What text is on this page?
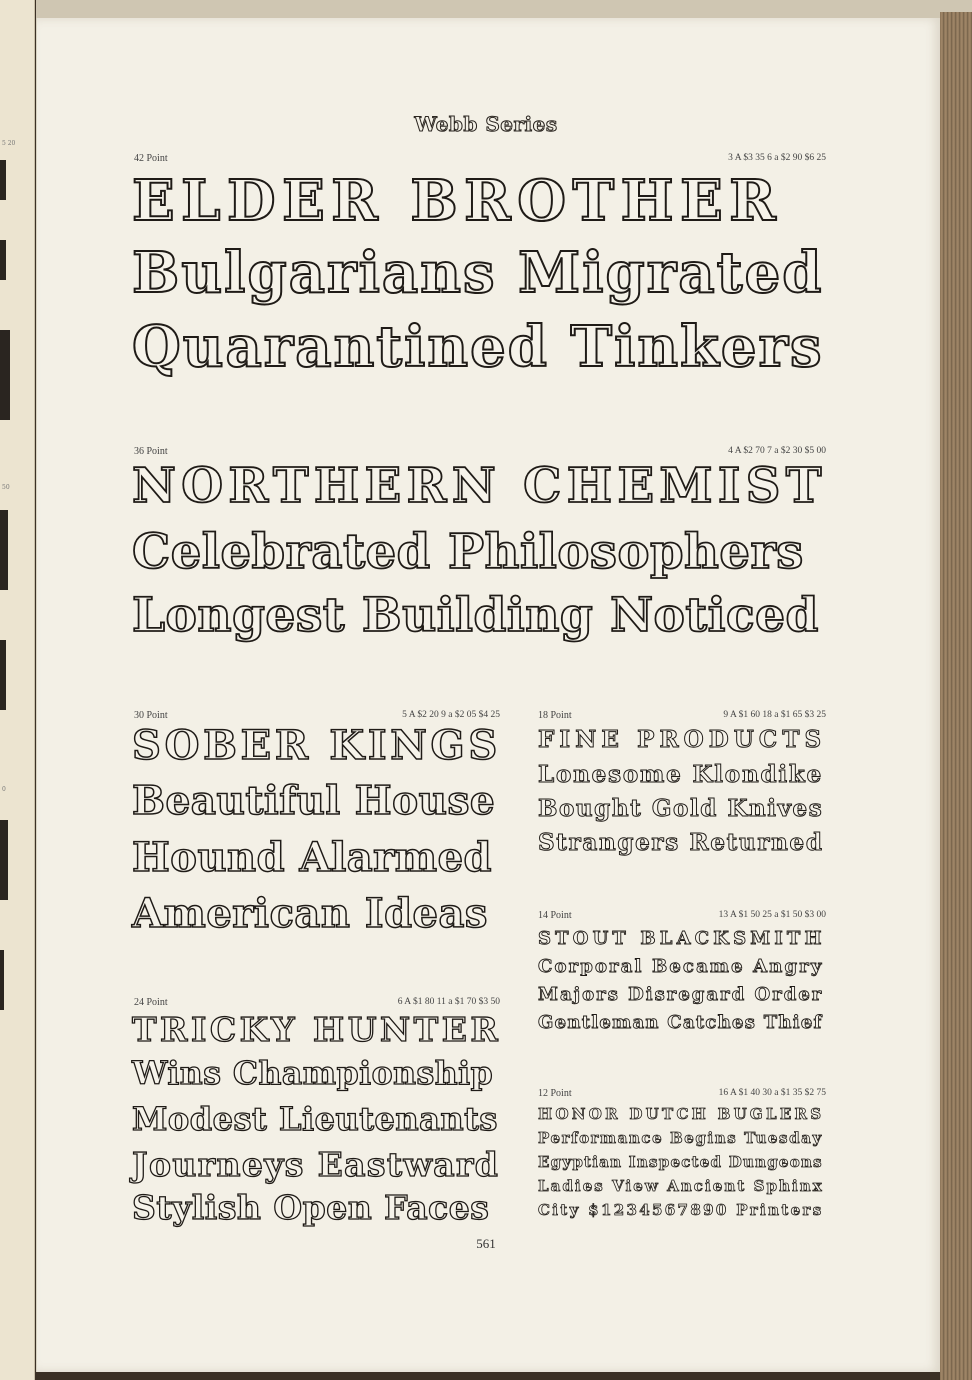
5 20
50
0
Webb Series
42 Point	3 A $3 35 6 a $2 90 $6 25
ELDER BROTHER
Bulgarians Migrated
Quarantined Tinkers
36 Point	4 A $2 70 7 a $2 30 $5 00
NORTHERN CHEMIST
Celebrated Philosophers
Longest Building Noticed
30 Point	5 A $2 20 9 a $2 05 $4 25
SOBER KINGS
Beautiful House
Hound Alarmed
American Ideas
24 Point	6 A $1 80 11 a $1 70 $3 50
TRICKY HUNTER
Wins Championship
Modest Lieutenants
Journeys Eastward
Stylish Open Faces
18 Point	9 A $1 60 18 a $1 65 $3 25
FINE PRODUCTS
Lonesome Klondike
Bought Gold Knives
Strangers Returned
14 Point	13 A $1 50 25 a $1 50 $3 00
STOUT BLACKSMITH
Corporal Became Angry
Majors Disregard Order
Gentleman Catches Thief
12 Point	16 A $1 40 30 a $1 35 $2 75
HONOR DUTCH BUGLERS
Performance Begins Tuesday
Egyptian Inspected Dungeons
Ladies View Ancient Sphinx
City $1234567890 Printers
561
